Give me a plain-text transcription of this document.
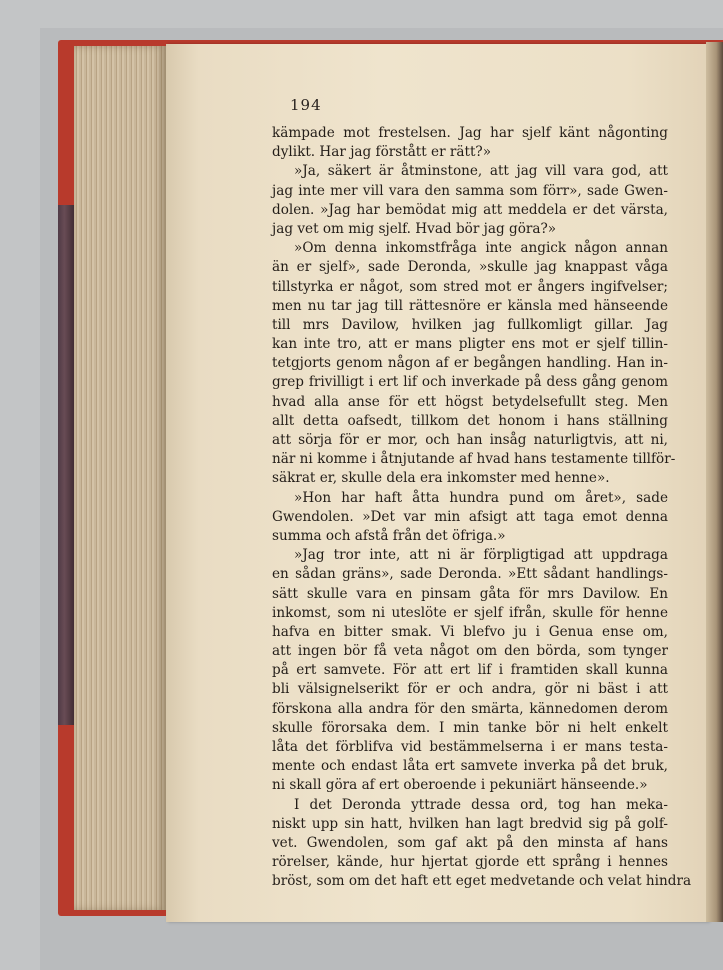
194
kämpade mot frestelsen. Jag har sjelf känt någonting
dylikt. Har jag förstått er rätt?»
»Ja, säkert är åtminstone, att jag vill vara god, att
jag inte mer vill vara den samma som förr», sade Gwen-
dolen. »Jag har bemödat mig att meddela er det värsta,
jag vet om mig sjelf. Hvad bör jag göra?»
»Om denna inkomstfråga inte angick någon annan
än er sjelf», sade Deronda, »skulle jag knappast våga
tillstyrka er något, som stred mot er ångers ingifvelser;
men nu tar jag till rättesnöre er känsla med hänseende
till mrs Davilow, hvilken jag fullkomligt gillar. Jag
kan inte tro, att er mans pligter ens mot er sjelf tillin-
tetgjorts genom någon af er begången handling. Han in-
grep frivilligt i ert lif och inverkade på dess gång genom
hvad alla anse för ett högst betydelsefullt steg. Men
allt detta oafsedt, tillkom det honom i hans ställning
att sörja för er mor, och han insåg naturligtvis, att ni,
när ni komme i åtnjutande af hvad hans testamente tillför-
säkrat er, skulle dela era inkomster med henne».
»Hon har haft åtta hundra pund om året», sade
Gwendolen. »Det var min afsigt att taga emot denna
summa och afstå från det öfriga.»
»Jag tror inte, att ni är förpligtigad att uppdraga
en sådan gräns», sade Deronda. »Ett sådant handlings-
sätt skulle vara en pinsam gåta för mrs Davilow. En
inkomst, som ni uteslöte er sjelf ifrån, skulle för henne
hafva en bitter smak. Vi blefvo ju i Genua ense om,
att ingen bör få veta något om den börda, som tynger
på ert samvete. För att ert lif i framtiden skall kunna
bli välsignelserikt för er och andra, gör ni bäst i att
förskona alla andra för den smärta, kännedomen derom
skulle förorsaka dem. I min tanke bör ni helt enkelt
låta det förblifva vid bestämmelserna i er mans testa-
mente och endast låta ert samvete inverka på det bruk,
ni skall göra af ert oberoende i pekuniärt hänseende.»
I det Deronda yttrade dessa ord, tog han meka-
niskt upp sin hatt, hvilken han lagt bredvid sig på golf-
vet. Gwendolen, som gaf akt på den minsta af hans
rörelser, kände, hur hjertat gjorde ett språng i hennes
bröst, som om det haft ett eget medvetande och velat hindra
